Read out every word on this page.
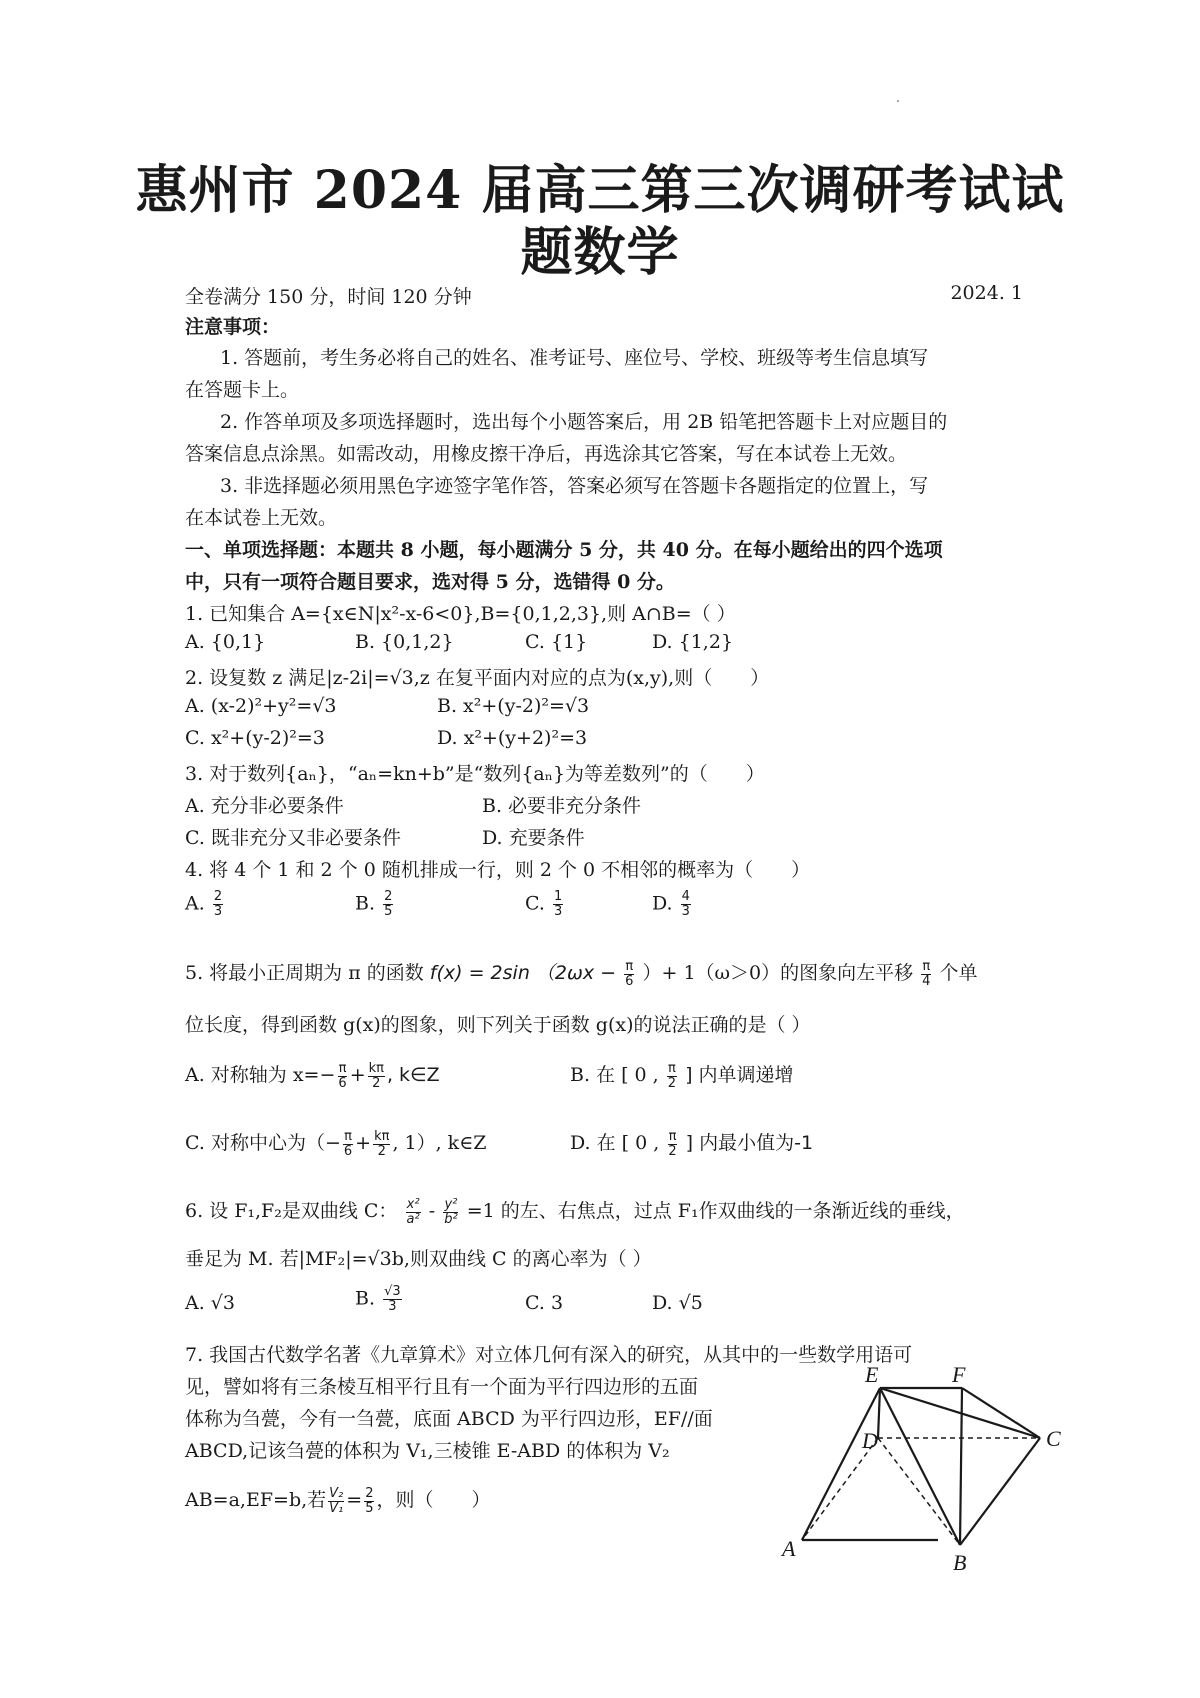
惠州市 2024 届高三第三次调研考试试
题数学
全卷满分 150 分，时间 120 分钟	2024. 1
注意事项：
1. 答题前，考生务必将自己的姓名、准考证号、座位号、学校、班级等考生信息填写
在答题卡上。
2. 作答单项及多项选择题时，选出每个小题答案后，用 2B 铅笔把答题卡上对应题目的
答案信息点涂黑。如需改动，用橡皮擦干净后，再选涂其它答案，写在本试卷上无效。
3. 非选择题必须用黑色字迹签字笔作答，答案必须写在答题卡各题指定的位置上，写
在本试卷上无效。
一、单项选择题：本题共 8 小题，每小题满分 5 分，共 40 分。在每小题给出的四个选项
中，只有一项符合题目要求，选对得 5 分，选错得 0 分。
1. 已知集合 A={x∈N|x²-x-6<0},B={0,1,2,3},则 A∩B=（ ）
A. {0,1}	B. {0,1,2}	C. {1}	D. {1,2}
2. 设复数 z 满足|z-2i|=√3,z 在复平面内对应的点为(x,y),则（　　）
A. (x-2)²+y²=√3	B. x²+(y-2)²=√3
C. x²+(y-2)²=3	D. x²+(y+2)²=3
3. 对于数列{aₙ}，“aₙ=kn+b”是“数列{aₙ}为等差数列”的（　　）
A. 充分非必要条件	B. 必要非充分条件
C. 既非充分又非必要条件	D. 充要条件
4. 将 4 个 1 和 2 个 0 随机排成一行，则 2 个 0 不相邻的概率为（　　）
A. $\frac{2}{3}$	B. $\frac{2}{5}$	C. $\frac{1}{3}$	D. $\frac{4}{3}$
5. 将最小正周期为 π 的函数 f(x) = 2sin （$2\omega x - \frac{\pi}{6}$ ）+ 1（ω＞0）的图象向左平移 $\frac{\pi}{4}$ 个单
位长度，得到函数 g(x)的图象，则下列关于函数 g(x)的说法正确的是（ ）
A. 对称轴为 $x=- \frac{\pi}{6} + \frac{k\pi}{2}$ , k∈Z	B. 在 [ 0 , $\frac{\pi}{2}$ ] 内单调递增
C. 对称中心为（− $\frac{\pi}{6} + \frac{k\pi}{2}$ , 1）, k∈Z	D. 在 [ 0 , $\frac{\pi}{2}$ ] 内最小值为-1
6. 设 F₁,F₂是双曲线 C： $\frac{\text{x²}}{\text{a²}} - \frac{\text{y²}}{\text{b²}} =1$ 的左、右焦点，过点 F₁作双曲线的一条渐近线的垂线，
垂足为 M. 若|MF₂|=√3b,则双曲线 C 的离心率为（ ）
A. √3	B. $\frac{√3}{3}$	C. 3	D. √5
7. 我国古代数学名著《九章算术》对立体几何有深入的研究，从其中的一些数学用语可
见，譬如将有三条棱互相平行且有一个面为平行四边形的五面
体称为刍甍，今有一刍甍，底面 ABCD 为平行四边形，EF//面
ABCD,记该刍甍的体积为 V₁,三棱锥 E-ABD 的体积为 V₂
AB=a,EF=b,若 $\frac{\text{V₂}}{\text{V₁}} = \frac{2}{5}$ ，则（　　）
E	F
D	C
A
B
